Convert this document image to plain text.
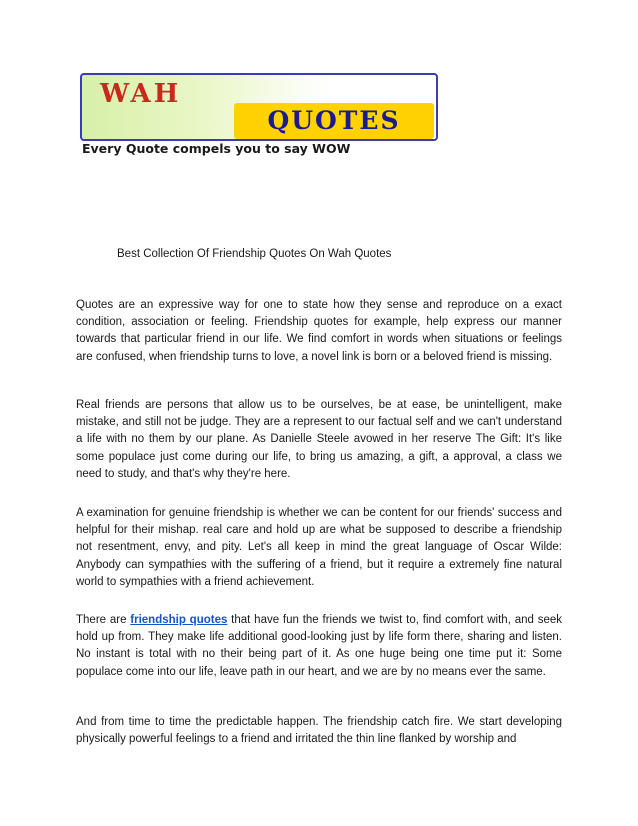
WAH
QUOTES
Every Quote compels you to say WOW
Best Collection Of Friendship Quotes On Wah Quotes
Quotes are an expressive way for one to state how they sense and reproduce on a exact condition, association or feeling. Friendship quotes for example, help express our manner towards that particular friend in our life. We find comfort in words when situations or feelings are confused, when friendship turns to love, a novel link is born or a beloved friend is missing.
Real friends are persons that allow us to be ourselves, be at ease, be unintelligent, make mistake, and still not be judge. They are a represent to our factual self and we can't understand a life with no them by our plane. As Danielle Steele avowed in her reserve The Gift: It's like some populace just come during our life, to bring us amazing, a gift, a approval, a class we need to study, and that's why they're here.
A examination for genuine friendship is whether we can be content for our friends' success and helpful for their mishap. real care and hold up are what be supposed to describe a friendship not resentment, envy, and pity. Let's all keep in mind the great language of Oscar Wilde: Anybody can sympathies with the suffering of a friend, but it require a extremely fine natural world to sympathies with a friend achievement.
There are friendship quotes that have fun the friends we twist to, find comfort with, and seek hold up from. They make life additional good-looking just by life form there, sharing and listen. No instant is total with no their being part of it. As one huge being one time put it: Some populace come into our life, leave path in our heart, and we are by no means ever the same.
And from time to time the predictable happen. The friendship catch fire. We start developing physically powerful feelings to a friend and irritated the thin line flanked by worship and
